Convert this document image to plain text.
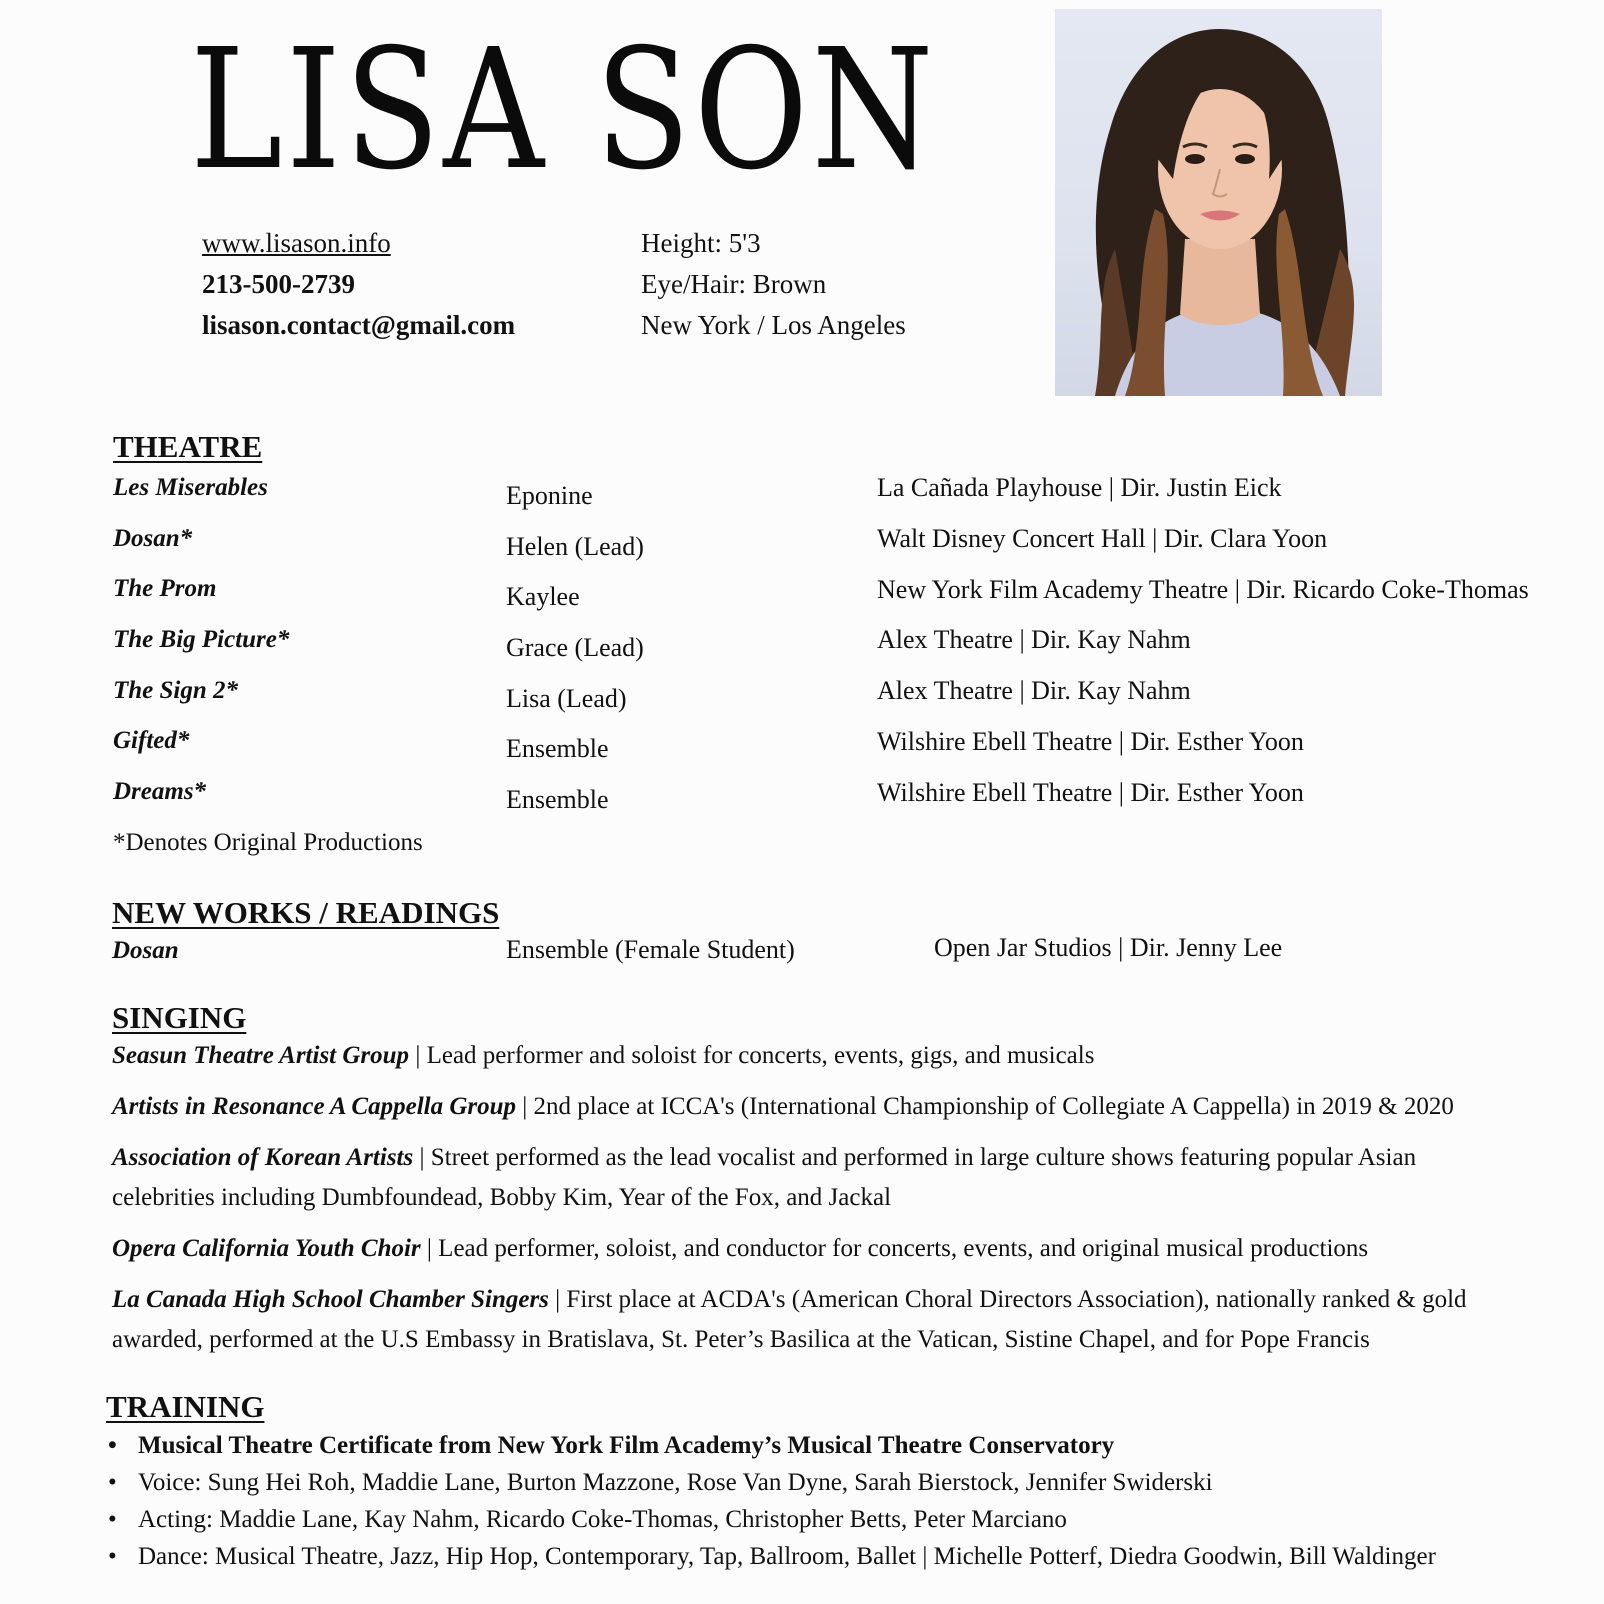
LISA SON
www.lisason.info
213-500-2739
lisason.contact@gmail.com
Height: 5'3
Eye/Hair: Brown
New York / Los Angeles
THEATRE
Les Miserables	Eponine	La Cañada Playhouse | Dir. Justin Eick
Dosan*	Helen (Lead)	Walt Disney Concert Hall | Dir. Clara Yoon
The Prom	Kaylee	New York Film Academy Theatre | Dir. Ricardo Coke-Thomas
The Big Picture*	Grace (Lead)	Alex Theatre | Dir. Kay Nahm
The Sign 2*	Lisa (Lead)	Alex Theatre | Dir. Kay Nahm
Gifted*	Ensemble	Wilshire Ebell Theatre | Dir. Esther Yoon
Dreams*	Ensemble	Wilshire Ebell Theatre | Dir. Esther Yoon
*Denotes Original Productions
NEW WORKS / READINGS
Dosan	Ensemble (Female Student)	Open Jar Studios | Dir. Jenny Lee
SINGING
Seasun Theatre Artist Group | Lead performer and soloist for concerts, events, gigs, and musicals
Artists in Resonance A Cappella Group | 2nd place at ICCA's (International Championship of Collegiate A Cappella) in 2019 & 2020
Association of Korean Artists | Street performed as the lead vocalist and performed in large culture shows featuring popular Asian celebrities including Dumbfoundead, Bobby Kim, Year of the Fox, and Jackal
Opera California Youth Choir | Lead performer, soloist, and conductor for concerts, events, and original musical productions
La Canada High School Chamber Singers | First place at ACDA's (American Choral Directors Association), nationally ranked & gold awarded, performed at the U.S Embassy in Bratislava, St. Peter’s Basilica at the Vatican, Sistine Chapel, and for Pope Francis
TRAINING
• Musical Theatre Certificate from New York Film Academy’s Musical Theatre Conservatory
• Voice: Sung Hei Roh, Maddie Lane, Burton Mazzone, Rose Van Dyne, Sarah Bierstock, Jennifer Swiderski
• Acting: Maddie Lane, Kay Nahm, Ricardo Coke-Thomas, Christopher Betts, Peter Marciano
• Dance: Musical Theatre, Jazz, Hip Hop, Contemporary, Tap, Ballroom, Ballet | Michelle Potterf, Diedra Goodwin, Bill Waldinger
